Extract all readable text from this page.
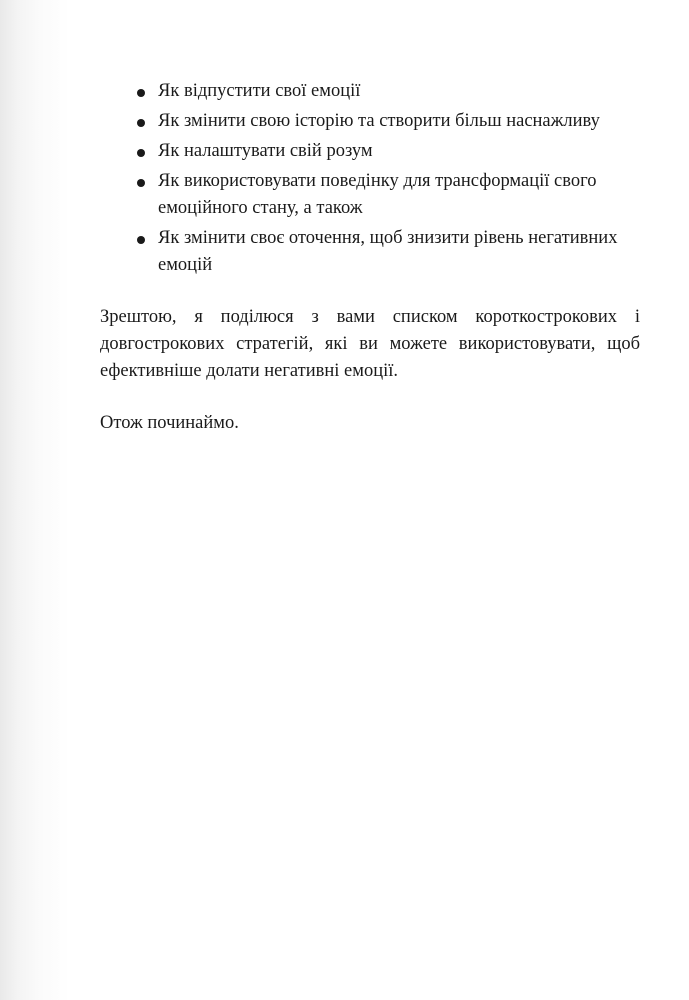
Як відпустити свої емоції
Як змінити свою історію та створити більш наснажливу
Як налаштувати свій розум
Як використовувати поведінку для трансформації свого емоційного стану, а також
Як змінити своє оточення, щоб знизити рівень негативних емоцій

Зрештою, я поділюся з вами списком короткострокових і довгострокових стратегій, які ви можете використовувати, щоб ефективніше долати негативні емоції.

Отож починаймо.
